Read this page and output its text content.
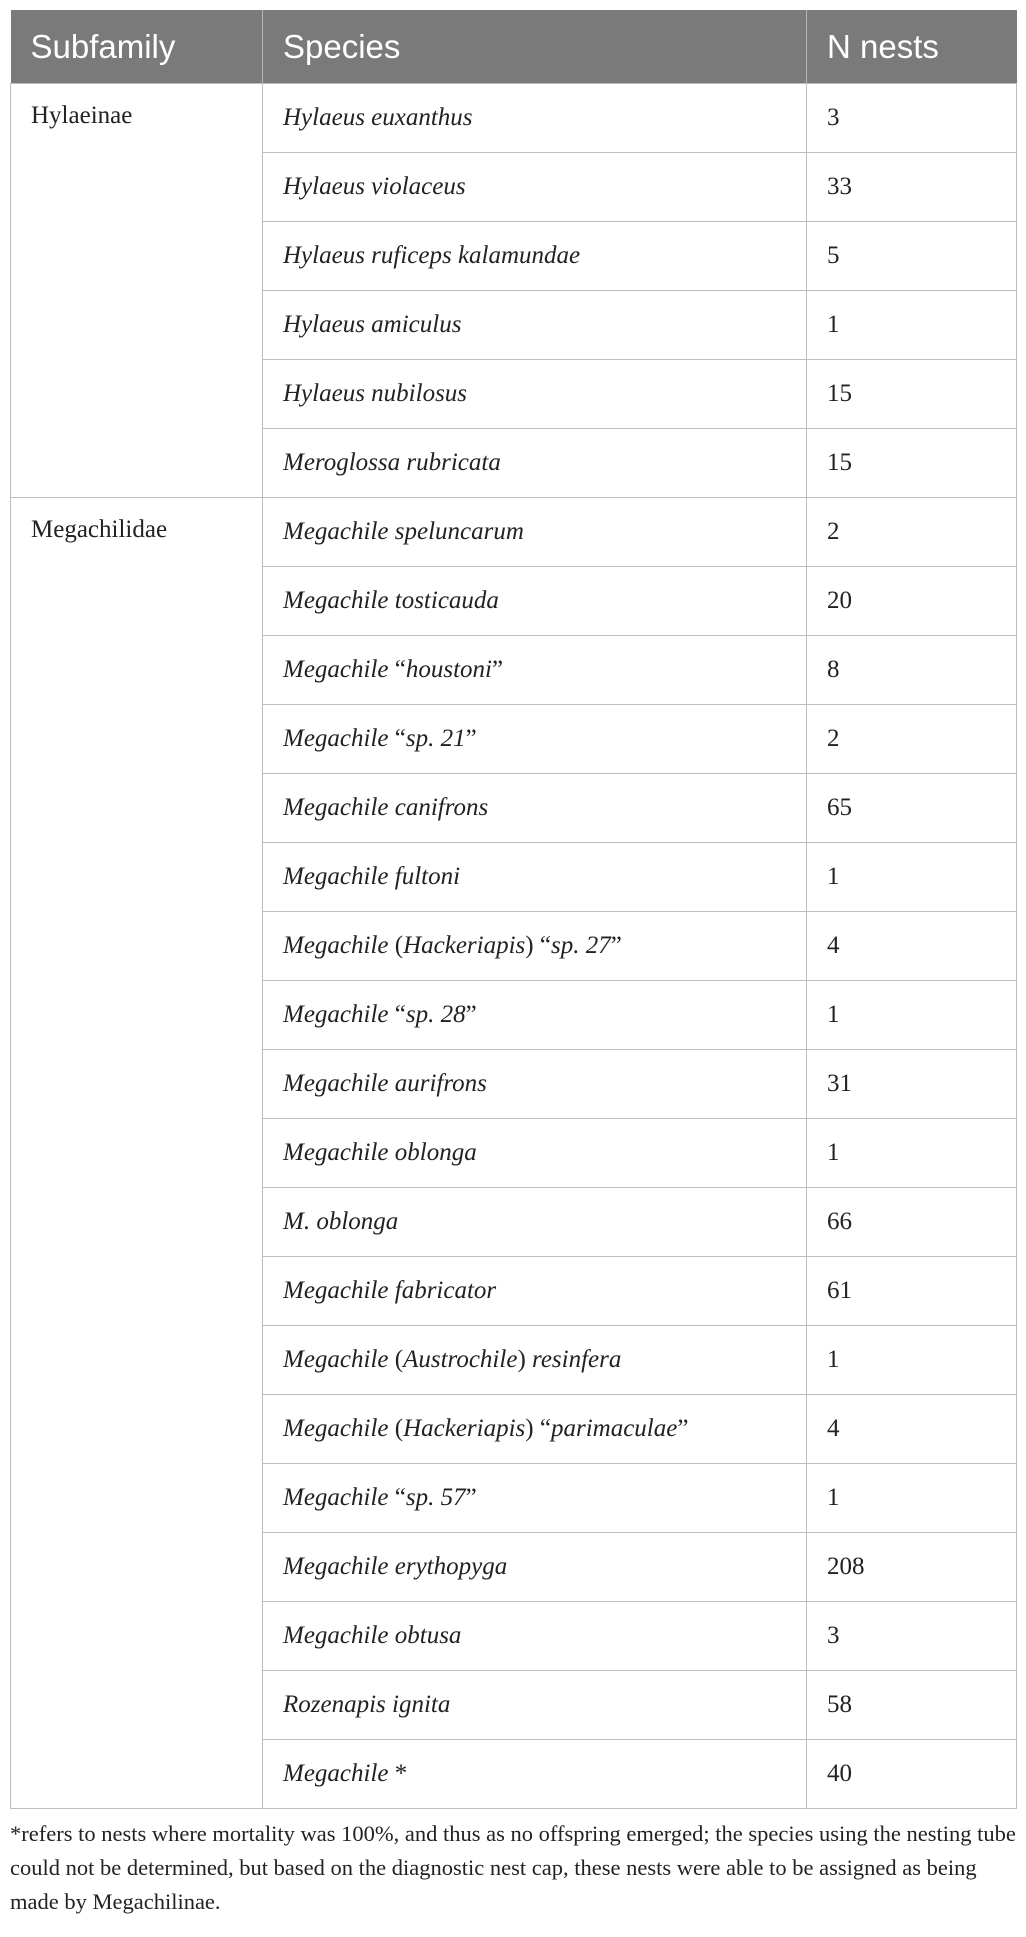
Subfamily	Species	N nests
Hylaeinae	Hylaeus euxanthus	3
	Hylaeus violaceus	33
	Hylaeus ruficeps kalamundae	5
	Hylaeus amiculus	1
	Hylaeus nubilosus	15
	Meroglossa rubricata	15
Megachilidae	Megachile speluncarum	2
	Megachile tosticauda	20
	Megachile “houstoni”	8
	Megachile “sp. 21”	2
	Megachile canifrons	65
	Megachile fultoni	1
	Megachile (Hackeriapis) “sp. 27”	4
	Megachile “sp. 28”	1
	Megachile aurifrons	31
	Megachile oblonga	1
	M. oblonga	66
	Megachile fabricator	61
	Megachile (Austrochile) resinfera	1
	Megachile (Hackeriapis) “parimaculae”	4
	Megachile “sp. 57”	1
	Megachile erythopyga	208
	Megachile obtusa	3
	Rozenapis ignita	58
	Megachile *	40
*refers to nests where mortality was 100%, and thus as no offspring emerged; the species using the nesting tube could not be determined, but based on the diagnostic nest cap, these nests were able to be assigned as being made by Megachilinae.
